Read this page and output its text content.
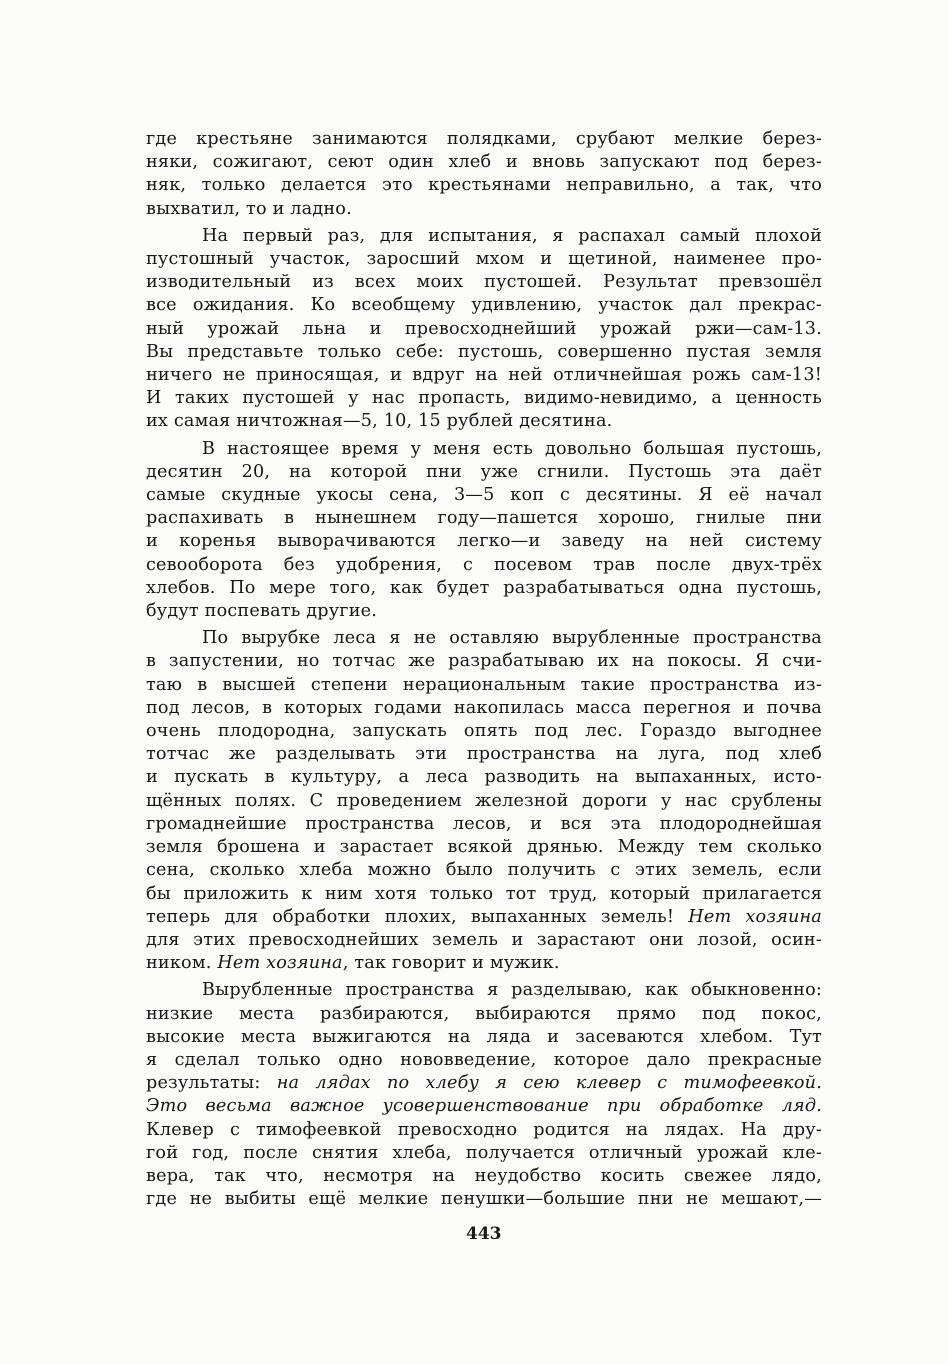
где крестьяне занимаются полядками, срубают мелкие берез-
няки, сожигают, сеют один хлеб и вновь запускают под берез-
няк, только делается это крестьянами неправильно, а так, что
выхватил, то и ладно.

На первый раз, для испытания, я распахал самый плохой
пустошный участок, заросший мхом и щетиной, наименее про-
изводительный из всех моих пустошей. Результат превзошёл
все ожидания. Ко всеобщему удивлению, участок дал прекрас-
ный урожай льна и превосходнейший урожай ржи—сам-13.
Вы представьте только себе: пустошь, совершенно пустая земля
ничего не приносящая, и вдруг на ней отличнейшая рожь сам-13!
И таких пустошей у нас пропасть, видимо-невидимо, а ценность
их самая ничтожная—5, 10, 15 рублей десятина.

В настоящее время у меня есть довольно большая пустошь,
десятин 20, на которой пни уже сгнили. Пустошь эта даёт
самые скудные укосы сена, 3—5 коп с десятины. Я её начал
распахивать в нынешнем году—пашется хорошо, гнилые пни
и коренья выворачиваются легко—и заведу на ней систему
севооборота без удобрения, с посевом трав после двух-трёх
хлебов. По мере того, как будет разрабатываться одна пустошь,
будут поспевать другие.

По вырубке леса я не оставляю вырубленные пространства
в запустении, но тотчас же разрабатываю их на покосы. Я счи-
таю в высшей степени нерациональным такие пространства из-
под лесов, в которых годами накопилась масса перегноя и почва
очень плодородна, запускать опять под лес. Гораздо выгоднее
тотчас же разделывать эти пространства на луга, под хлеб
и пускать в культуру, а леса разводить на выпаханных, исто-
щённых полях. С проведением железной дороги у нас срублены
громаднейшие пространства лесов, и вся эта плодороднейшая
земля брошена и зарастает всякой дрянью. Между тем сколько
сена, сколько хлеба можно было получить с этих земель, если
бы приложить к ним хотя только тот труд, который прилагается
теперь для обработки плохих, выпаханных земель! Нет хозяина
для этих превосходнейших земель и зарастают они лозой, осин-
ником. Нет хозяина, так говорит и мужик.

Вырубленные пространства я разделываю, как обыкновенно:
низкие места разбираются, выбираются прямо под покос,
высокие места выжигаются на ляда и засеваются хлебом. Тут
я сделал только одно нововведение, которое дало прекрасные
результаты: на лядах по хлебу я сею клевер с тимофеевкой.
Это весьма важное усовершенствование при обработке ляд.
Клевер с тимофеевкой превосходно родится на лядах. На дру-
гой год, после снятия хлеба, получается отличный урожай кле-
вера, так что, несмотря на неудобство косить свежее лядо,
где не выбиты ещё мелкие пенушки—большие пни не мешают,—

443
